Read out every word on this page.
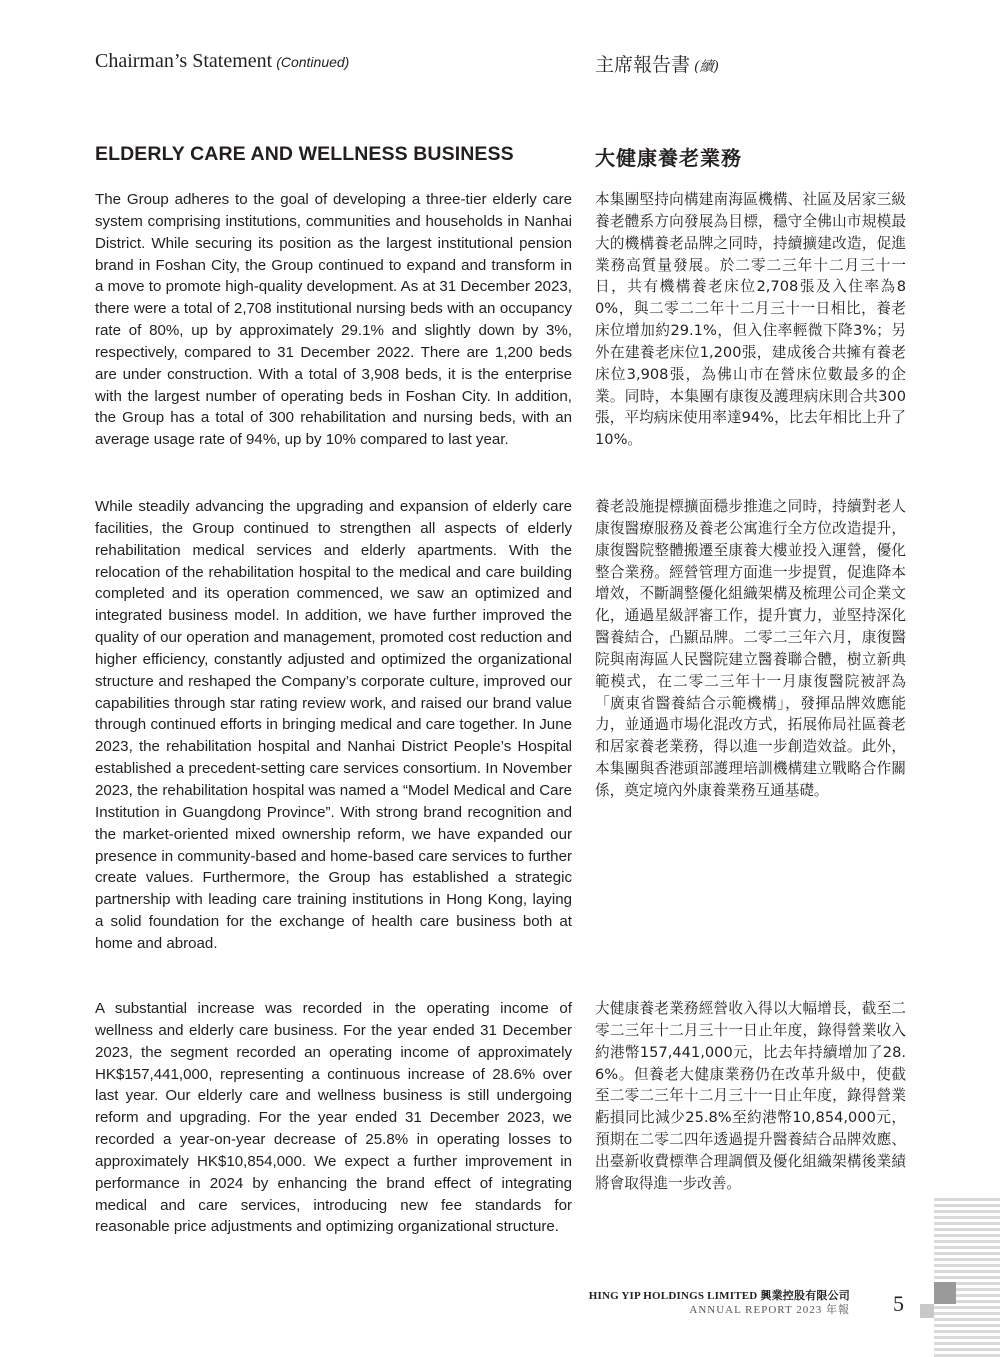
Chairman’s Statement (Continued)	主席報告書 (續)
ELDERLY CARE AND WELLNESS BUSINESS	大健康養老業務

The Group adheres to the goal of developing a three-tier elderly care system comprising institutions, communities and households in Nanhai District. While securing its position as the largest institutional pension brand in Foshan City, the Group continued to expand and transform in a move to promote high-quality development. As at 31 December 2023, there were a total of 2,708 institutional nursing beds with an occupancy rate of 80%, up by approximately 29.1% and slightly down by 3%, respectively, compared to 31 December 2022. There are 1,200 beds are under construction. With a total of 3,908 beds, it is the enterprise with the largest number of operating beds in Foshan City. In addition, the Group has a total of 300 rehabilitation and nursing beds, with an average usage rate of 94%, up by 10% compared to last year.

While steadily advancing the upgrading and expansion of elderly care facilities, the Group continued to strengthen all aspects of elderly rehabilitation medical services and elderly apartments. With the relocation of the rehabilitation hospital to the medical and care building completed and its operation commenced, we saw an optimized and integrated business model. In addition, we have further improved the quality of our operation and management, promoted cost reduction and higher efficiency, constantly adjusted and optimized the organizational structure and reshaped the Company’s corporate culture, improved our capabilities through star rating review work, and raised our brand value through continued efforts in bringing medical and care together. In June 2023, the rehabilitation hospital and Nanhai District People’s Hospital established a precedent-setting care services consortium. In November 2023, the rehabilitation hospital was named a “Model Medical and Care Institution in Guangdong Province”. With strong brand recognition and the market-oriented mixed ownership reform, we have expanded our presence in community-based and home-based care services to further create values. Furthermore, the Group has established a strategic partnership with leading care training institutions in Hong Kong, laying a solid foundation for the exchange of health care business both at home and abroad.

A substantial increase was recorded in the operating income of wellness and elderly care business. For the year ended 31 December 2023, the segment recorded an operating income of approximately HK$157,441,000, representing a continuous increase of 28.6% over last year. Our elderly care and wellness business is still undergoing reform and upgrading. For the year ended 31 December 2023, we recorded a year-on-year decrease of 25.8% in operating losses to approximately HK$10,854,000. We expect a further improvement in performance in 2024 by enhancing the brand effect of integrating medical and care services, introducing new fee standards for reasonable price adjustments and optimizing organizational structure.

本集團堅持向構建南海區機構、社區及居家三級養老體系方向發展為目標，穩守全佛山市規模最大的機構養老品牌之同時，持續擴建改造，促進業務高質量發展。於二零二三年十二月三十一日，共有機構養老床位2,708張及入住率為80%，與二零二二年十二月三十一日相比，養老床位增加約29.1%，但入住率輕微下降3%；另外在建養老床位1,200張，建成後合共擁有養老床位3,908張，為佛山市在營床位數最多的企業。同時，本集團有康復及護理病床則合共300張，平均病床使用率達94%，比去年相比上升了10%。

養老設施提標擴面穩步推進之同時，持續對老人康復醫療服務及養老公寓進行全方位改造提升，康復醫院整體搬遷至康養大樓並投入運營，優化整合業務。經營管理方面進一步提質，促進降本增效，不斷調整優化組織架構及梳理公司企業文化，通過星級評審工作，提升實力，並堅持深化醫養結合，凸顯品牌。二零二三年六月，康復醫院與南海區人民醫院建立醫養聯合體，樹立新典範模式，在二零二三年十一月康復醫院被評為「廣東省醫養結合示範機構」，發揮品牌效應能力，並通過市場化混改方式，拓展佈局社區養老和居家養老業務，得以進一步創造效益。此外，本集團與香港頭部護理培訓機構建立戰略合作關係，奠定境內外康養業務互通基礎。

大健康養老業務經營收入得以大幅增長，截至二零二三年十二月三十一日止年度，錄得營業收入約港幣157,441,000元，比去年持續增加了28.6%。但養老大健康業務仍在改革升級中，使截至二零二三年十二月三十一日止年度，錄得營業虧損同比減少25.8%至約港幣10,854,000元，預期在二零二四年透過提升醫養結合品牌效應、出臺新收費標準合理調價及優化組織架構後業績將會取得進一步改善。

HING YIP HOLDINGS LIMITED 興業控股有限公司
ANNUAL REPORT 2023 年報 5
